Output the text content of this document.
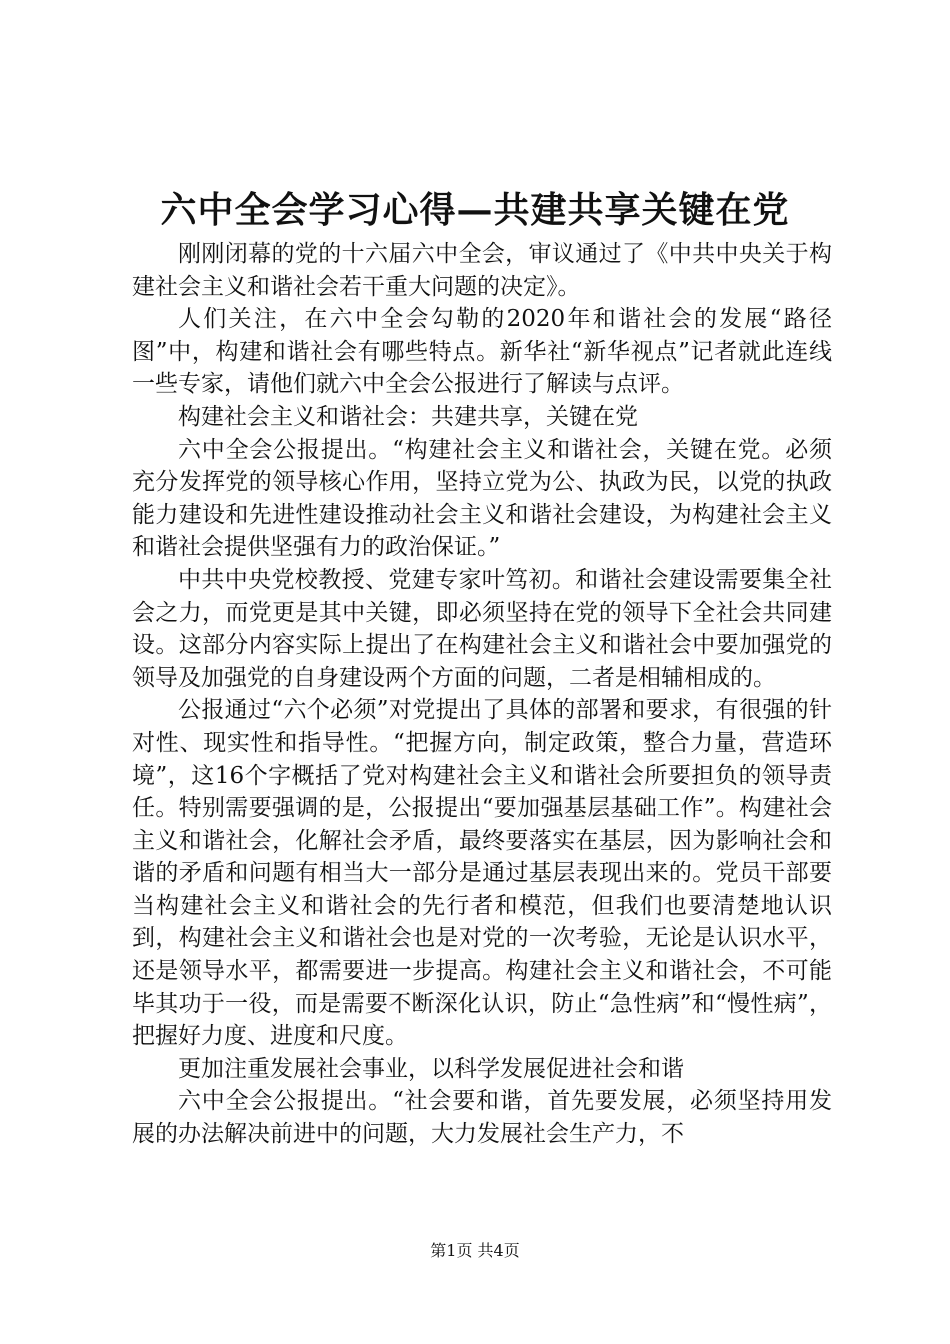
六中全会学习心得—共建共享关键在党

刚刚闭幕的党的十六届六中全会，审议通过了《中共中央关于构建社会主义和谐社会若干重大问题的决定》。

人们关注，在六中全会勾勒的2020年和谐社会的发展“路径图”中，构建和谐社会有哪些特点。新华社“新华视点”记者就此连线一些专家，请他们就六中全会公报进行了解读与点评。

构建社会主义和谐社会：共建共享，关键在党

六中全会公报提出。“构建社会主义和谐社会，关键在党。必须充分发挥党的领导核心作用，坚持立党为公、执政为民，以党的执政能力建设和先进性建设推动社会主义和谐社会建设，为构建社会主义和谐社会提供坚强有力的政治保证。”

中共中央党校教授、党建专家叶笃初。和谐社会建设需要集全社会之力，而党更是其中关键，即必须坚持在党的领导下全社会共同建设。这部分内容实际上提出了在构建社会主义和谐社会中要加强党的领导及加强党的自身建设两个方面的问题，二者是相辅相成的。

公报通过“六个必须”对党提出了具体的部署和要求，有很强的针对性、现实性和指导性。“把握方向，制定政策，整合力量，营造环境”，这16个字概括了党对构建社会主义和谐社会所要担负的领导责任。特别需要强调的是，公报提出“要加强基层基础工作”。构建社会主义和谐社会，化解社会矛盾，最终要落实在基层，因为影响社会和谐的矛盾和问题有相当大一部分是通过基层表现出来的。党员干部要当构建社会主义和谐社会的先行者和模范，但我们也要清楚地认识到，构建社会主义和谐社会也是对党的一次考验，无论是认识水平，还是领导水平，都需要进一步提高。构建社会主义和谐社会，不可能毕其功于一役，而是需要不断深化认识，防止“急性病”和“慢性病”，把握好力度、进度和尺度。

更加注重发展社会事业，以科学发展促进社会和谐

六中全会公报提出。“社会要和谐，首先要发展，必须坚持用发展的办法解决前进中的问题，大力发展社会生产力，不

第1页 共4页
